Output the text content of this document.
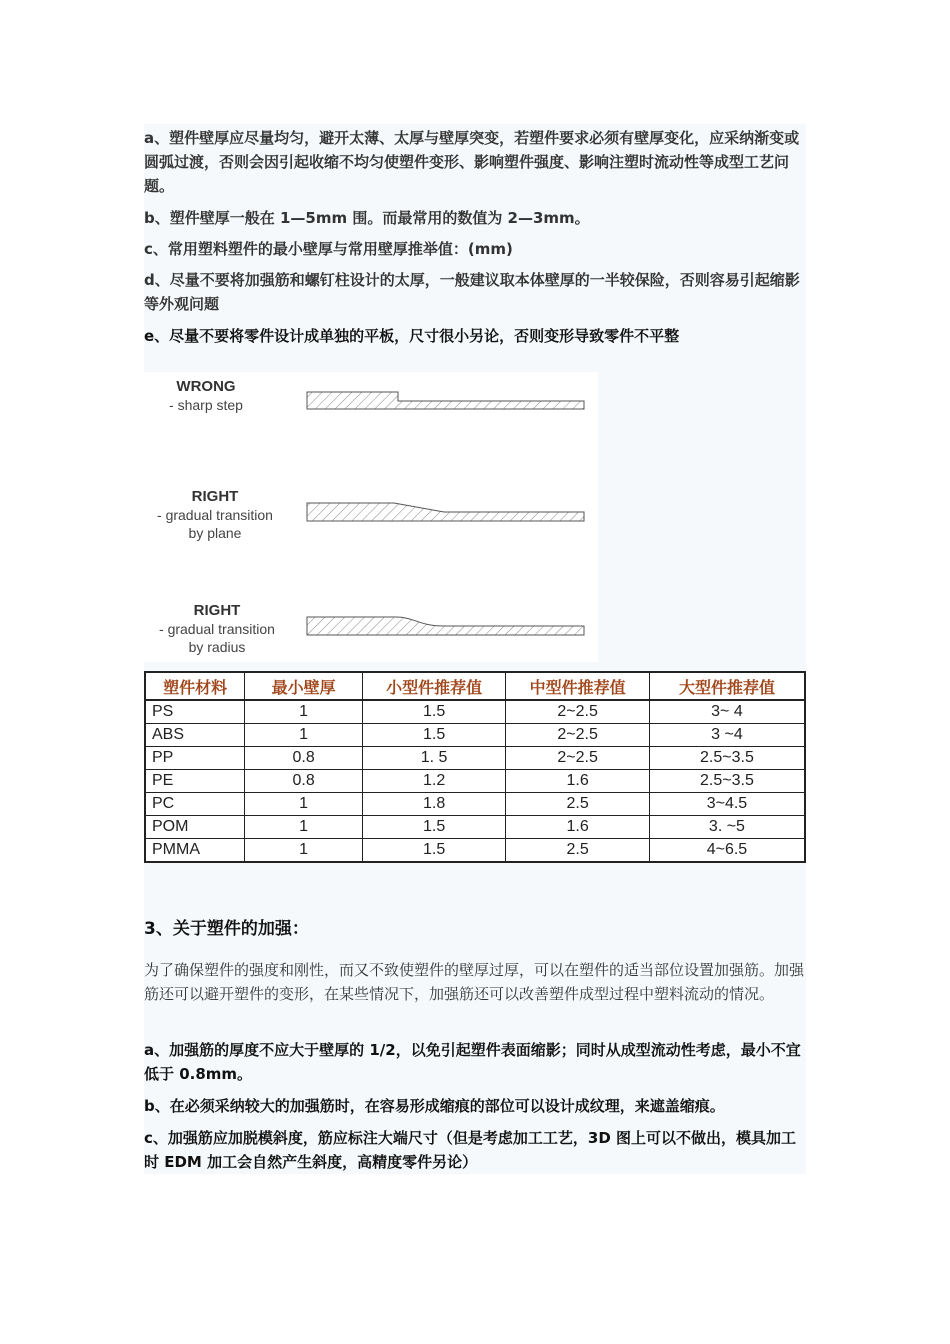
a、塑件壁厚应尽量均匀，避开太薄、太厚与壁厚突变，若塑件要求必须有壁厚变化，应采纳渐变或圆弧过渡，否则会因引起收缩不均匀使塑件变形、影响塑件强度、影响注塑时流动性等成型工艺问题。

b、塑件壁厚一般在 1—5mm 围。而最常用的数值为 2—3mm。

c、常用塑料塑件的最小壁厚与常用壁厚推举值：(mm)

d、尽量不要将加强筋和螺钉柱设计的太厚，一般建议取本体壁厚的一半较保险，否则容易引起缩影等外观问题

e、尽量不要将零件设计成单独的平板，尺寸很小另论，否则变形导致零件不平整

WRONG
- sharp step
RIGHT
- gradual transition
by plane
RIGHT
- gradual transition
by radius
塑件材料	最小壁厚	小型件推荐值	中型件推荐值	大型件推荐值
PS	1	1.5	2~2.5	3~ 4
ABS	1	1.5	2~2.5	3 ~4
PP	0.8	1. 5	2~2.5	2.5~3.5
PE	0.8	1.2	1.6	2.5~3.5
PC	1	1.8	2.5	3~4.5
POM	1	1.5	1.6	3. ~5
PMMA	1	1.5	2.5	4~6.5
3、关于塑件的加强：

为了确保塑件的强度和刚性，而又不致使塑件的壁厚过厚，可以在塑件的适当部位设置加强筋。加强筋还可以避开塑件的变形，在某些情况下，加强筋还可以改善塑件成型过程中塑料流动的情况。

a、加强筋的厚度不应大于壁厚的 1/2，以免引起塑件表面缩影；同时从成型流动性考虑，最小不宜低于 0.8mm。

b、在必须采纳较大的加强筋时，在容易形成缩痕的部位可以设计成纹理，来遮盖缩痕。

c、加强筋应加脱模斜度，筋应标注大端尺寸（但是考虑加工工艺，3D 图上可以不做出，模具加工时 EDM 加工会自然产生斜度，高精度零件另论）
